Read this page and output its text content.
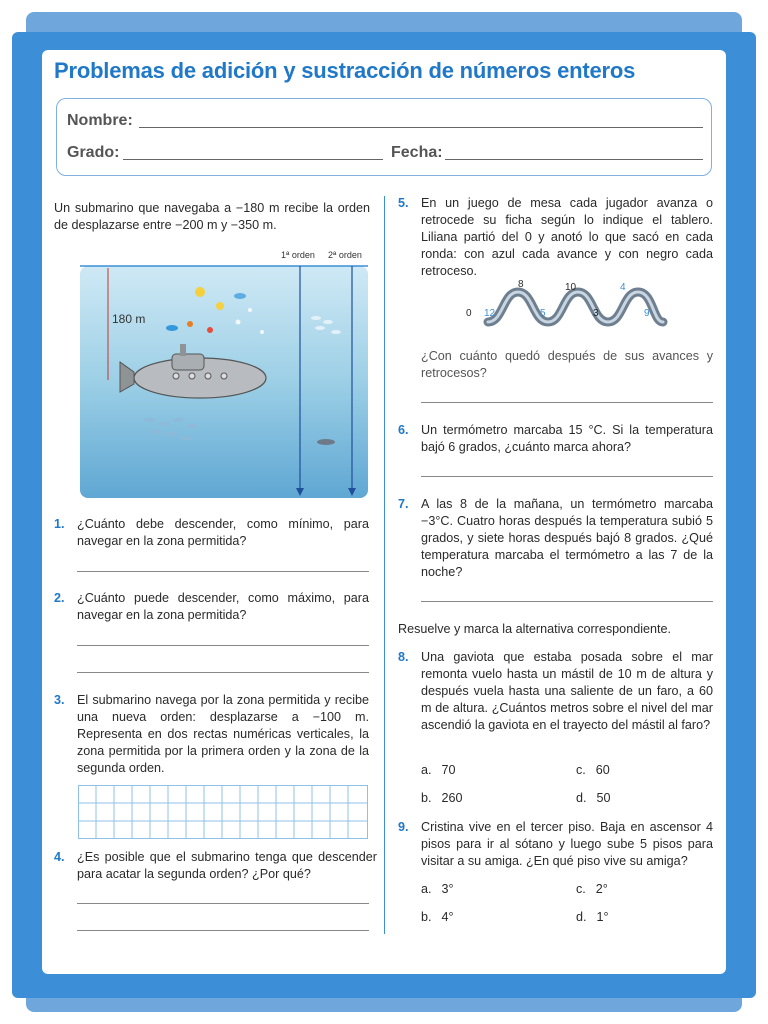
Problemas de adición y sustracción de números enteros
Nombre:
Grado:	Fecha:

Un submarino que navegaba a −180 m recibe la orden de desplazarse entre −200 m y −350 m.

1ª orden 2ª orden
180 m
1. ¿Cuánto debe descender, como mínimo, para navegar en la zona permitida?

2. ¿Cuánto puede descender, como máximo, para navegar en la zona permitida?

3. El submarino navega por la zona permitida y recibe una nueva orden: desplazarse a −100 m. Representa en dos rectas numéricas verticales, la zona permitida por la primera orden y la zona de la segunda orden.

4. ¿Es posible que el submarino tenga que descender para acatar la segunda orden? ¿Por qué?

5. En un juego de mesa cada jugador avanza o retrocede su ficha según lo indique el tablero. Liliana partió del 0 y anotó lo que sacó en cada ronda: con azul cada avance y con negro cada retroceso.

0 12
8
5
10
3
4
9

¿Con cuánto quedó después de sus avances y retrocesos?

6. Un termómetro marcaba 15 °C. Si la temperatura bajó 6 grados, ¿cuánto marca ahora?

7. A las 8 de la mañana, un termómetro marcaba −3°C. Cuatro horas después la temperatura subió 5 grados, y siete horas después bajó 8 grados. ¿Qué temperatura marcaba el termómetro a las 7 de la noche?

Resuelve y marca la alternativa correspondiente.

8. Una gaviota que estaba posada sobre el mar remonta vuelo hasta un mástil de 10 m de altura y después vuela hasta una saliente de un faro, a 60 m de altura. ¿Cuántos metros sobre el nivel del mar ascendió la gaviota en el trayecto del mástil al faro?

a. 70
b. 260
c. 60
d. 50
9. Cristina vive en el tercer piso. Baja en ascensor 4 pisos para ir al sótano y luego sube 5 pisos para visitar a su amiga. ¿En qué piso vive su amiga?

a. 3°
b. 4°
c. 2°
d. 1°
